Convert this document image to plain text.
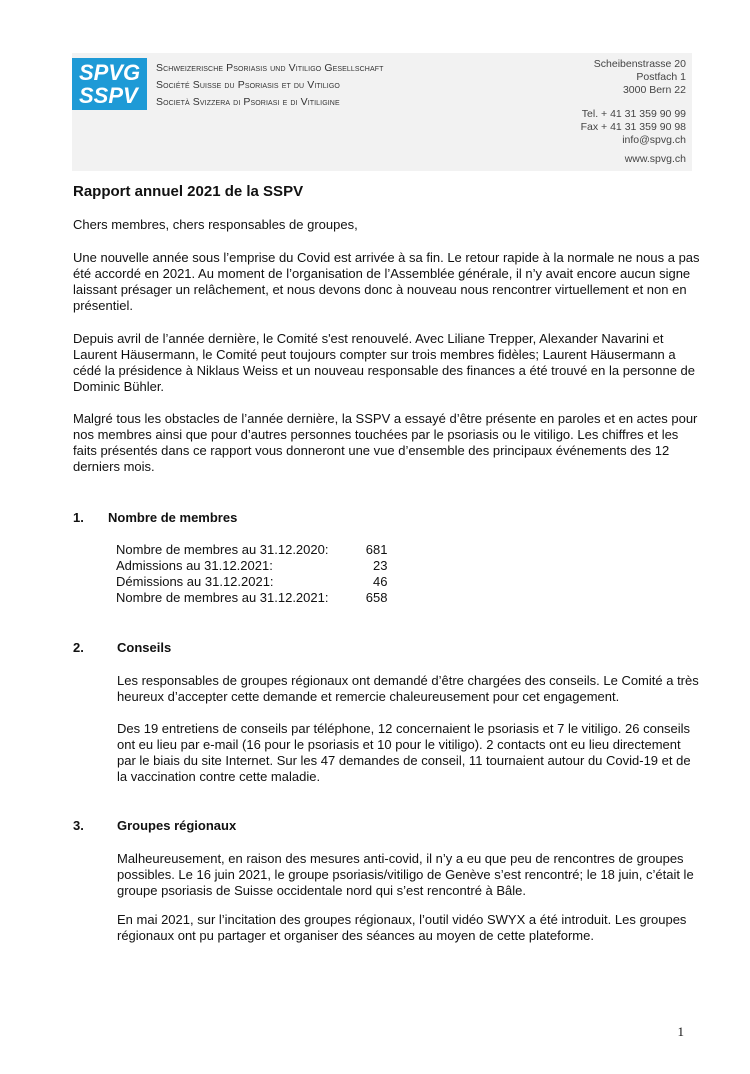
SPVG
SSPV
Schweizerische Psoriasis und Vitiligo Gesellschaft
Société Suisse du Psoriasis et du Vitiligo
Società Svizzera di Psoriasi e di Vitiligine
Scheibenstrasse 20
Postfach 1
3000 Bern 22
Tel. + 41 31 359 90 99
Fax + 41 31 359 90 98
info@spvg.ch
www.spvg.ch
Rapport annuel 2021 de la SSPV
Chers membres, chers responsables de groupes,
Une nouvelle année sous l’emprise du Covid est arrivée à sa fin. Le retour rapide à la normale ne nous a pas été accordé en 2021. Au moment de l’organisation de l’Assemblée générale, il n’y avait encore aucun signe laissant présager un relâchement, et nous devons donc à nouveau nous rencontrer virtuellement et non en présentiel.
Depuis avril de l’année dernière, le Comité s'est renouvelé. Avec Liliane Trepper, Alexander Navarini et Laurent Häusermann, le Comité peut toujours compter sur trois membres fidèles; Laurent Häusermann a cédé la présidence à Niklaus Weiss et un nouveau responsable des finances a été trouvé en la personne de Dominic Bühler.
Malgré tous les obstacles de l’année dernière, la SSPV a essayé d’être présente en paroles et en actes pour nos membres ainsi que pour d’autres personnes touchées par le psoriasis ou le vitiligo. Les chiffres et les faits présentés dans ce rapport vous donneront une vue d’ensemble des principaux événements des 12 derniers mois.
1. Nombre de membres
Nombre de membres au 31.12.2020:	681
Admissions au 31.12.2021:	23
Démissions au 31.12.2021:	46
Nombre de membres au 31.12.2021:	658
2.	Conseils
Les responsables de groupes régionaux ont demandé d’être chargées des conseils. Le Comité a très heureux d’accepter cette demande et remercie chaleureusement pour cet engagement.
Des 19 entretiens de conseils par téléphone, 12 concernaient le psoriasis et 7 le vitiligo. 26 conseils ont eu lieu par e-mail (16 pour le psoriasis et 10 pour le vitiligo). 2 contacts ont eu lieu directement par le biais du site Internet. Sur les 47 demandes de conseil, 11 tournaient autour du Covid-19 et de la vaccination contre cette maladie.
3.	Groupes régionaux
Malheureusement, en raison des mesures anti-covid, il n’y a eu que peu de rencontres de groupes possibles. Le 16 juin 2021, le groupe psoriasis/vitiligo de Genève s’est rencontré; le 18 juin, c’était le groupe psoriasis de Suisse occidentale nord qui s’est rencontré à Bâle.
En mai 2021, sur l’incitation des groupes régionaux, l’outil vidéo SWYX a été introduit. Les groupes régionaux ont pu partager et organiser des séances au moyen de cette plateforme.
1
